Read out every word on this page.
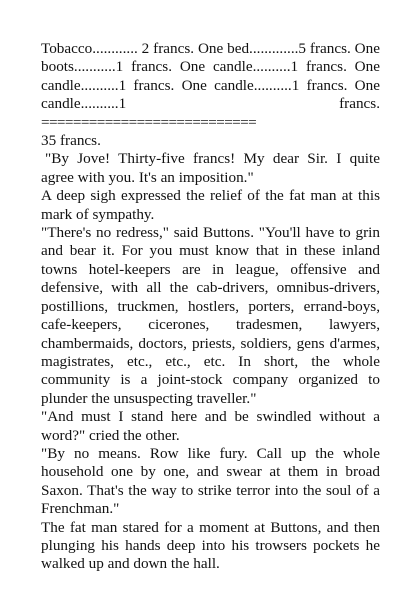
Tobacco............ 2 francs. One bed.............5 francs. One boots...........1 francs. One candle..........1 francs. One candle..........1 francs. One candle..........1 francs. One candle..........1 francs.

===========================

35 francs.

"By Jove! Thirty-five francs! My dear Sir. I quite agree with you. It's an imposition."

A deep sigh expressed the relief of the fat man at this mark of sympathy.

"There's no redress," said Buttons. "You'll have to grin and bear it. For you must know that in these inland towns hotel-keepers are in league, offensive and defensive, with all the cab-drivers, omnibus-drivers, postillions, truckmen, hostlers, porters, errand-boys, cafe-keepers, cicerones, tradesmen, lawyers, chambermaids, doctors, priests, soldiers, gens d'armes, magistrates, etc., etc., etc. In short, the whole community is a joint-stock company organized to plunder the unsuspecting traveller."

"And must I stand here and be swindled without a word?" cried the other.

"By no means. Row like fury. Call up the whole household one by one, and swear at them in broad Saxon. That's the way to strike terror into the soul of a Frenchman."

The fat man stared for a moment at Buttons, and then plunging his hands deep into his trowsers pockets he walked up and down the hall.
